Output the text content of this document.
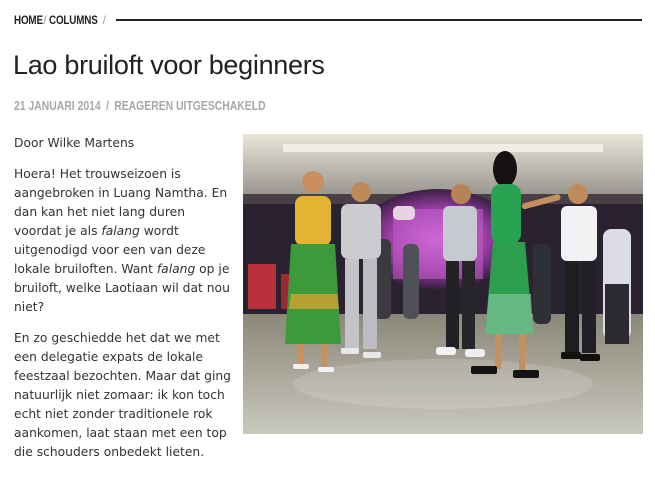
HOME / COLUMNS /
Lao bruiloft voor beginners
21 JANUARI 2014 / REAGEREN UITGESCHAKELD

Door Wilke Martens

Hoera! Het trouwseizoen is aangebroken in Luang Namtha. En dan kan het niet lang duren voordat je als falang wordt uitgenodigd voor een van deze lokale bruiloften. Want falang op je bruiloft, welke Laotiaan wil dat nou niet?

En zo geschiedde het dat we met een delegatie expats de lokale feestzaal bezochten. Maar dat ging natuurlijk niet zomaar: ik kon toch echt niet zonder traditionele rok aankomen, laat staan met een top die schouders onbedekt lieten.
